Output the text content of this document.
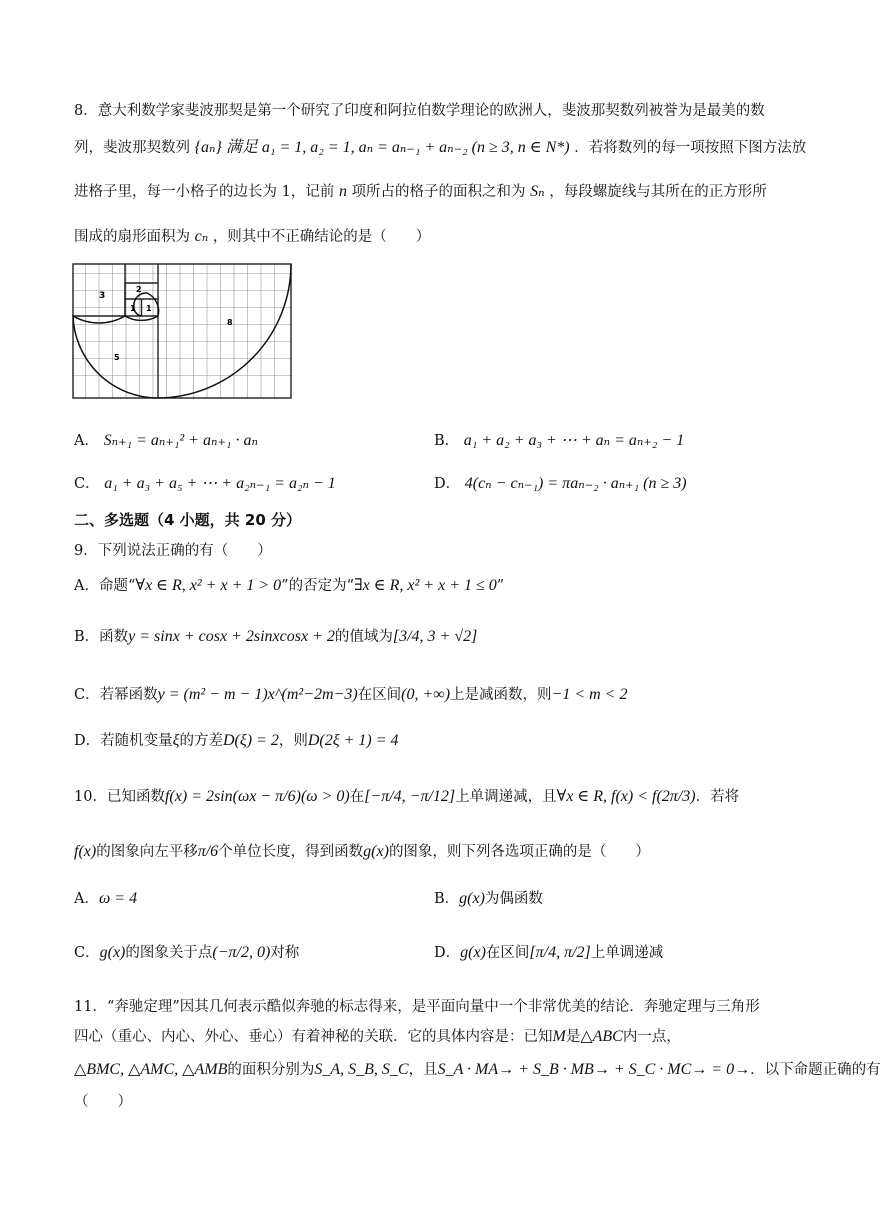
8．意大利数学家斐波那契是第一个研究了印度和阿拉伯数学理论的欧洲人，斐波那契数列被誉为是最美的数
列，斐波那契数列 {aₙ} 满足 a₁ = 1, a₂ = 1, aₙ = aₙ₋₁ + aₙ₋₂ (n ≥ 3, n ∈ N*) ．若将数列的每一项按照下图方法放
进格子里，每一小格子的边长为 1，记前 n 项所占的格子的面积之和为 Sₙ ，每段螺旋线与其所在的正方形所
围成的扇形面积为 cₙ ，则其中不正确结论的是（　　）
3
2
1 1
8
5
A． Sₙ₊₁ = aₙ₊₁² + aₙ₊₁ · aₙ	B． a₁ + a₂ + a₃ + ⋯ + aₙ = aₙ₊₂ − 1
C． a₁ + a₃ + a₅ + ⋯ + a₂ₙ₋₁ = a₂ₙ − 1	D． 4(cₙ − cₙ₋₁) = πaₙ₋₂ · aₙ₊₁ (n ≥ 3)
二、多选题（4 小题，共 20 分）
9．下列说法正确的有（　　）
A．命题“∀x ∈ R, x² + x + 1 > 0”的否定为“∃x ∈ R, x² + x + 1 ≤ 0”
B．函数y = sinx + cosx + 2sinxcosx + 2的值域为[3/4, 3 + √2]
C．若幂函数y = (m² − m − 1)x^(m²−2m−3)在区间(0, +∞)上是减函数，则−1 < m < 2
D．若随机变量ξ的方差D(ξ) = 2，则D(2ξ + 1) = 4
10．已知函数f(x) = 2sin(ωx − π/6)(ω > 0)在[−π/4, −π/12]上单调递减，且∀x ∈ R, f(x) < f(2π/3)．若将
f(x)的图象向左平移π/6个单位长度，得到函数g(x)的图象，则下列各选项正确的是（　　）
A．ω = 4	B．g(x)为偶函数
C．g(x)的图象关于点(−π/2, 0)对称	D．g(x)在区间[π/4, π/2]上单调递减
11．“奔驰定理”因其几何表示酷似奔驰的标志得来，是平面向量中一个非常优美的结论．奔驰定理与三角形
四心（重心、内心、外心、垂心）有着神秘的关联．它的具体内容是：已知M是△ABC内一点，
△BMC, △AMC, △AMB的面积分别为S_A, S_B, S_C，且S_A · MA→ + S_B · MB→ + S_C · MC→ = 0→．以下命题正确的有
（　　）
